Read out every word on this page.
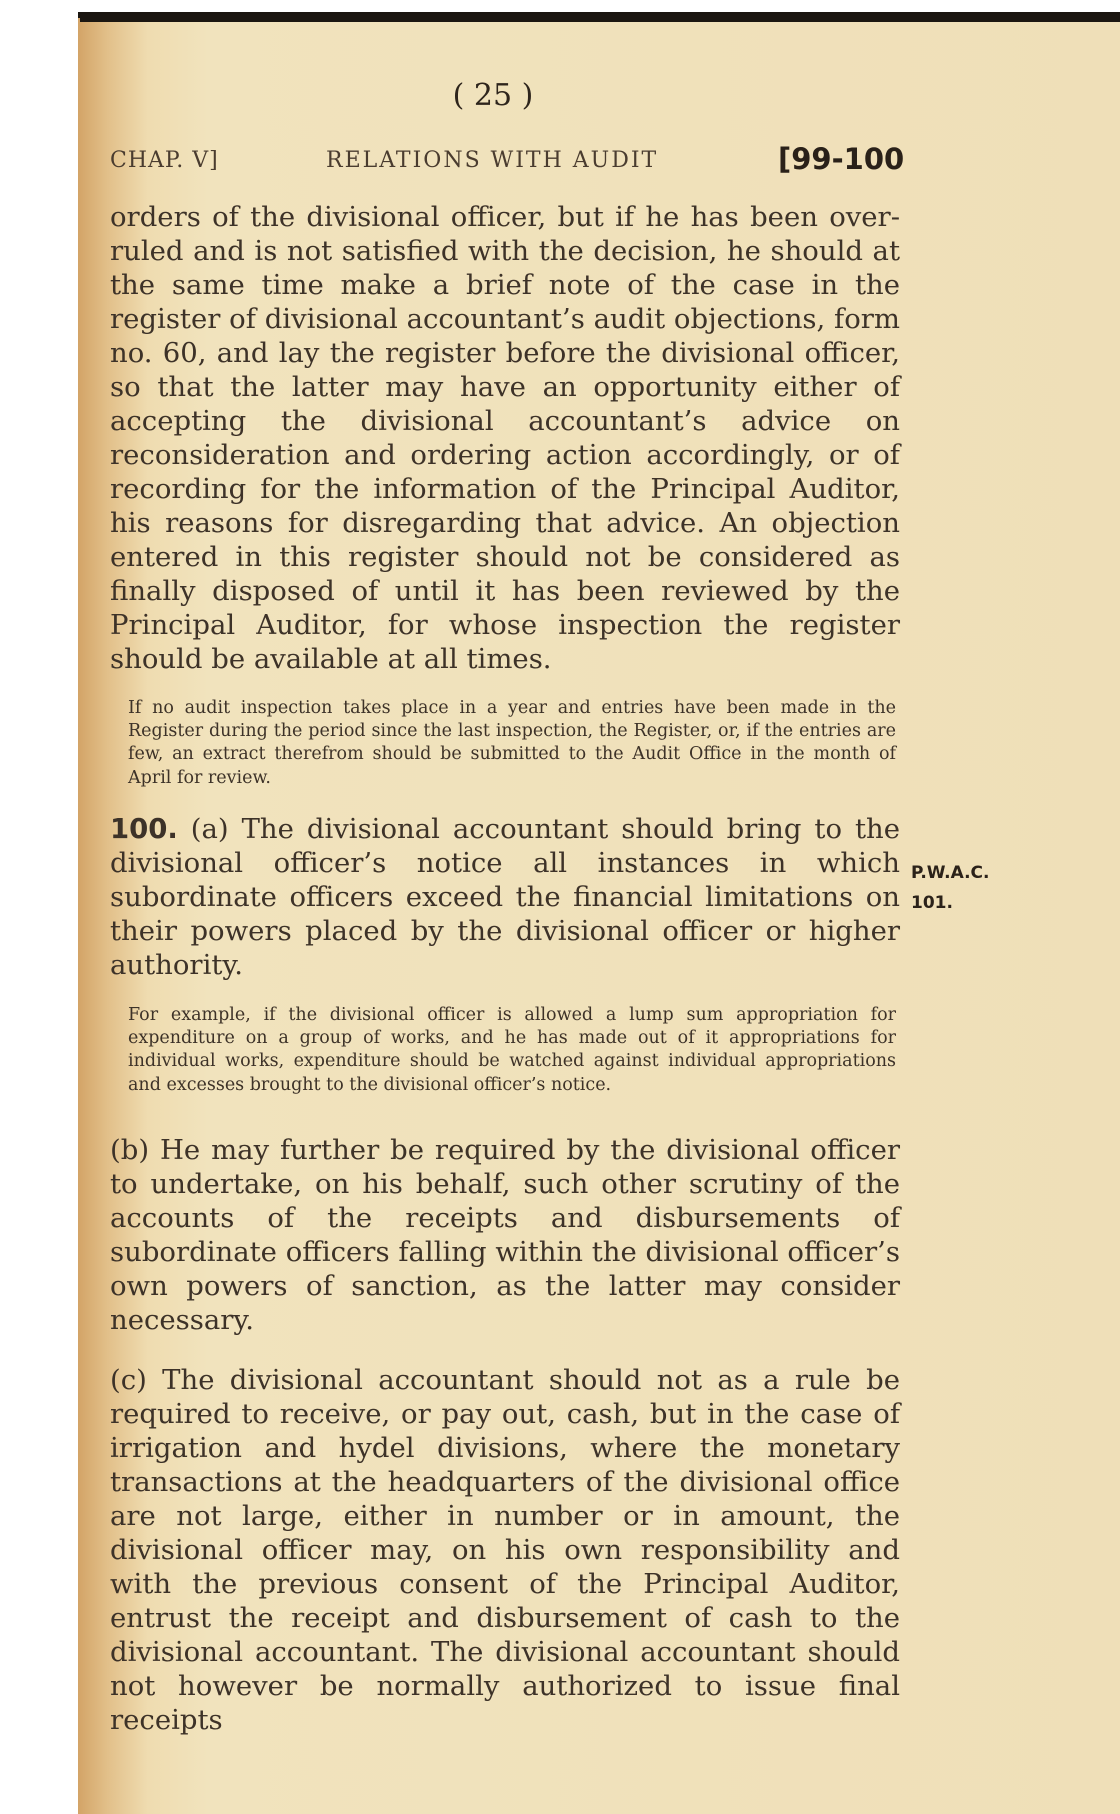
( 25 )
CHAP. V]	RELATIONS WITH AUDIT	[99-100
orders of the divisional officer, but if he has been over-ruled and is not satisfied with the decision, he should at the same time make a brief note of the case in the register of divisional accountant’s audit objections, form no. 60, and lay the register before the divisional officer, so that the latter may have an opportunity either of accepting the divisional accountant’s advice on reconsideration and ordering action accordingly, or of recording for the information of the Principal Auditor, his reasons for disregarding that advice. An objection entered in this register should not be considered as finally disposed of until it has been reviewed by the Principal Auditor, for whose inspection the register should be available at all times.
If no audit inspection takes place in a year and entries have been made in the Register during the period since the last inspection, the Register, or, if the entries are few, an extract therefrom should be submitted to the Audit Office in the month of April for review.
100. (a) The divisional accountant should bring to the divisional officer’s notice all instances in which subordinate officers exceed the financial limitations on their powers placed by the divisional officer or higher authority.
P.W.A.C.
101.
For example, if the divisional officer is allowed a lump sum appropriation for expenditure on a group of works, and he has made out of it appropriations for individual works, expenditure should be watched against individual appropriations and excesses brought to the divisional officer’s notice.
(b) He may further be required by the divisional officer to undertake, on his behalf, such other scrutiny of the accounts of the receipts and disbursements of subordinate officers falling within the divisional officer’s own powers of sanction, as the latter may consider necessary.
(c) The divisional accountant should not as a rule be required to receive, or pay out, cash, but in the case of irrigation and hydel divisions, where the monetary transactions at the headquarters of the divisional office are not large, either in number or in amount, the divisional officer may, on his own responsibility and with the previous consent of the Principal Auditor, entrust the receipt and disbursement of cash to the divisional accountant. The divisional accountant should not however be normally authorized to issue final receipts
